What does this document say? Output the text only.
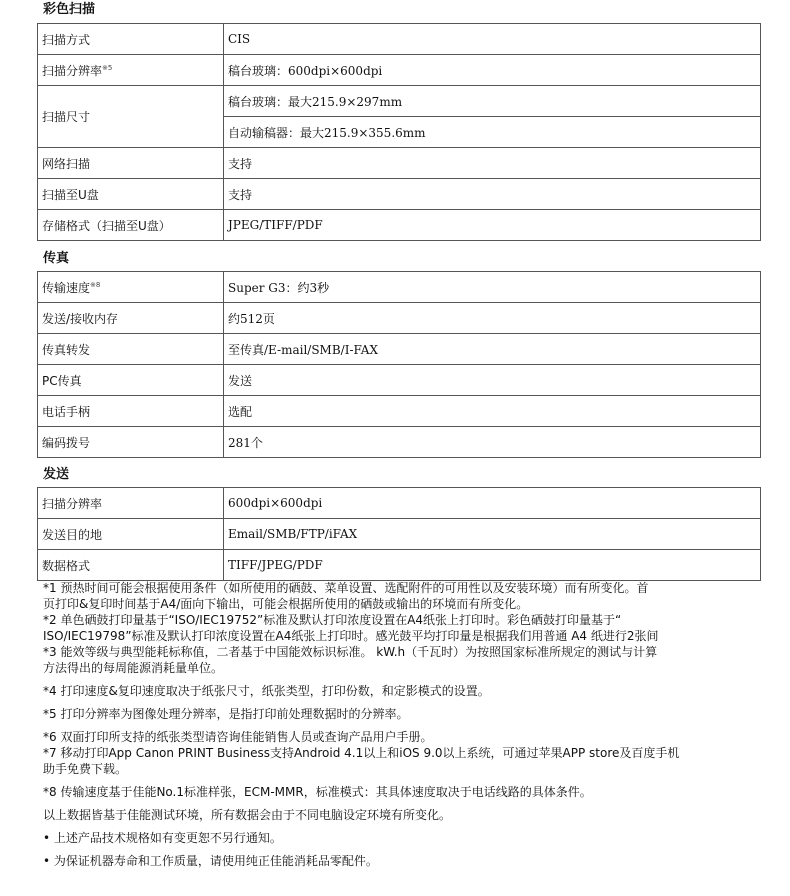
彩色扫描
扫描方式	CIS
扫描分辨率$^{※5}$	稿台玻璃：600dpi×600dpi
扫描尺寸	稿台玻璃：最大215.9×297mm
	自动输稿器：最大215.9×355.6mm
网络扫描	支持
扫描至U盘	支持
存储格式（扫描至U盘）	JPEG/TIFF/PDF
传真
传输速度$^{※8}$	Super G3：约3秒
发送/接收内存	约512页
传真转发	至传真/E-mail/SMB/I-FAX
PC传真	发送
电话手柄	选配
编码拨号	281个
发送
扫描分辨率	600dpi×600dpi
发送目的地	Email/SMB/FTP/iFAX
数据格式	TIFF/JPEG/PDF

*1 预热时间可能会根据使用条件（如所使用的硒鼓、菜单设置、选配附件的可用性以及安装环境）而有所变化。首

页打印&复印时间基于A4/面向下输出，可能会根据所使用的硒鼓或输出的环境而有所变化。

*2 单色硒鼓打印量基于“ISO/IEC19752”标准及默认打印浓度设置在A4纸张上打印时。彩色硒鼓打印量基于“

ISO/IEC19798”标准及默认打印浓度设置在A4纸张上打印时。感光鼓平均打印量是根据我们用普通 A4 纸进行2张间

*3 能效等级与典型能耗标称值，二者基于中国能效标识标准。 kW.h（千瓦时）为按照国家标准所规定的测试与计算

方法得出的每周能源消耗量单位。

*4 打印速度&复印速度取决于纸张尺寸，纸张类型，打印份数，和定影模式的设置。

*5 打印分辨率为图像处理分辨率，是指打印前处理数据时的分辨率。

*6 双面打印所支持的纸张类型请咨询佳能销售人员或查询产品用户手册。

*7 移动打印App Canon PRINT Business支持Android 4.1以上和iOS 9.0以上系统，可通过苹果APP store及百度手机

助手免费下载。

*8 传输速度基于佳能No.1标准样张，ECM-MMR，标准模式：其具体速度取决于电话线路的具体条件。

以上数据皆基于佳能测试环境，所有数据会由于不同电脑设定环境有所变化。

• 上述产品技术规格如有变更恕不另行通知。

• 为保证机器寿命和工作质量，请使用纯正佳能消耗品零配件。
